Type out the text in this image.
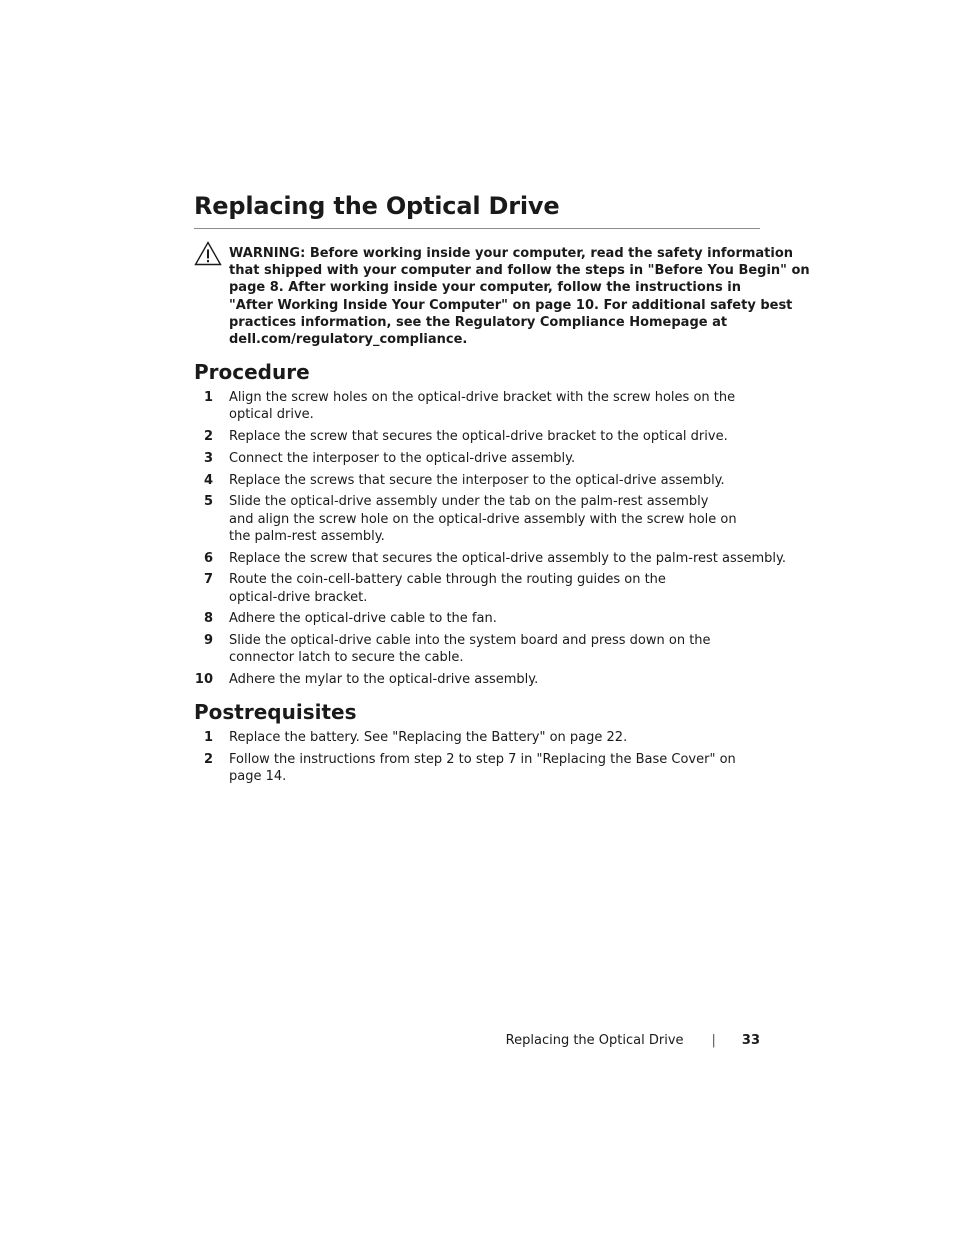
Replacing the Optical Drive
WARNING: Before working inside your computer, read the safety information
that shipped with your computer and follow the steps in "Before You Begin" on
page 8. After working inside your computer, follow the instructions in
"After Working Inside Your Computer" on page 10. For additional safety best
practices information, see the Regulatory Compliance Homepage at
dell.com/regulatory_compliance.
Procedure
1 Align the screw holes on the optical-drive bracket with the screw holes on the
optical drive.
2 Replace the screw that secures the optical-drive bracket to the optical drive.
3 Connect the interposer to the optical-drive assembly.
4 Replace the screws that secure the interposer to the optical-drive assembly.
5 Slide the optical-drive assembly under the tab on the palm-rest assembly
and align the screw hole on the optical-drive assembly with the screw hole on
the palm-rest assembly.
6 Replace the screw that secures the optical-drive assembly to the palm-rest assembly.
7 Route the coin-cell-battery cable through the routing guides on the
optical-drive bracket.
8 Adhere the optical-drive cable to the fan.
9 Slide the optical-drive cable into the system board and press down on the
connector latch to secure the cable.
10 Adhere the mylar to the optical-drive assembly.
Postrequisites
1 Replace the battery. See "Replacing the Battery" on page 22.
2 Follow the instructions from step 2 to step 7 in "Replacing the Base Cover" on
page 14.
Replacing the Optical Drive | 33
